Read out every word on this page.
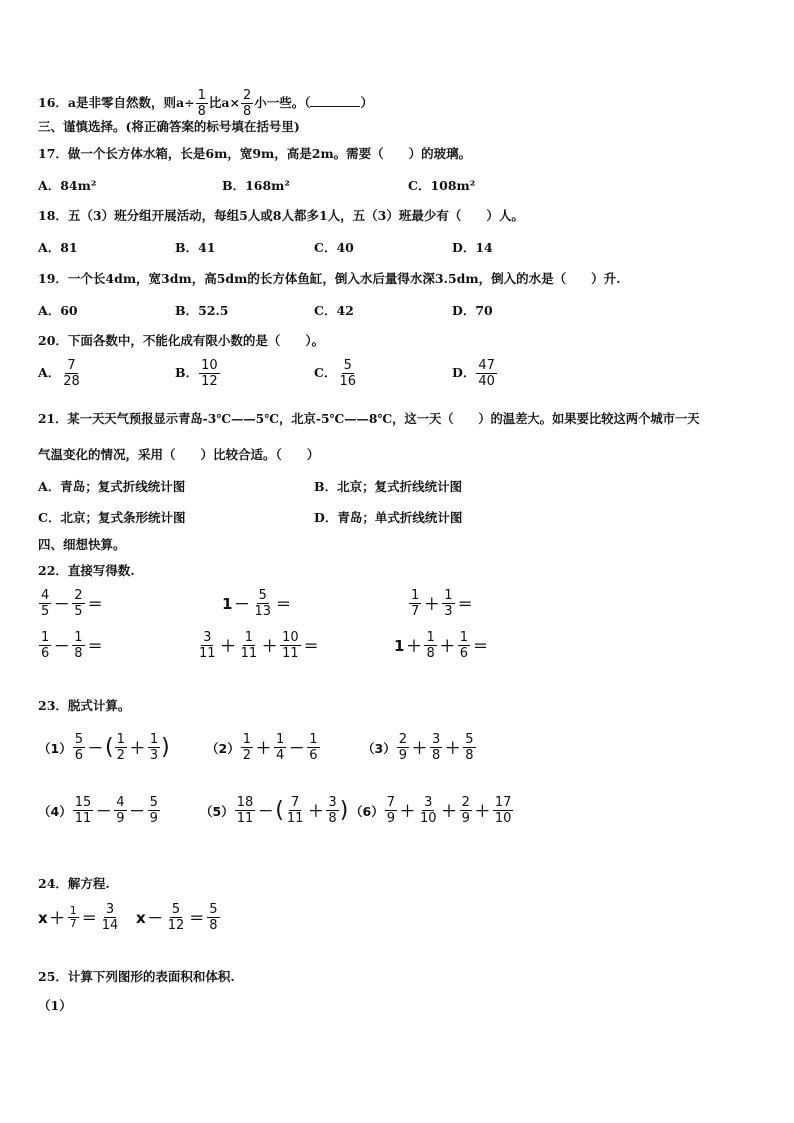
16．a是非零自然数，则$a\div \frac{1}{8}$ 比$a\times \frac{2}{8}$ 小一些。（	）
三、谨慎选择。(将正确答案的标号填在括号里)
17．做一个长方体水箱，长是6m，宽9m，高是2m。需要（　　）的玻璃。
A．84m²	B．168m²	C．108m²
18．五（3）班分组开展活动，每组5人或8人都多1人，五（3）班最少有（　　）人。
A．81	B．41	C．40	D．14
19．一个长4dm，宽3dm，高5dm的长方体鱼缸，倒入水后量得水深3.5dm，倒入的水是（　　）升.
A．60	B．52.5	C．42	D．70
20．下面各数中，不能化成有限小数的是（　　）。
A． $\frac{7}{28}$	B． $\frac{10}{12}$	C． $\frac{5}{16}$	D． $\frac{47}{40}$
21．某一天天气预报显示青岛-3℃——5℃，北京-5℃——8℃，这一天（　　）的温差大。如果要比较这两个城市一天
气温变化的情况，采用（　　）比较合适。（　　）
A．青岛；复式折线统计图	B．北京；复式折线统计图
C．北京；复式条形统计图	D．青岛；单式折线统计图
四、细想快算。
22．直接写得数.
$\frac{4}{5} - \frac{2}{5}$ ＝	$1 - \frac{5}{13}$ ＝	$\frac{1}{7} + \frac{1}{3}$ ＝
$\frac{1}{6} - \frac{1}{8}$ ＝	$\frac{3}{11} + \frac{1}{11} + \frac{10}{11}$ ＝	$1 + \frac{1}{8} + \frac{1}{6}$ ＝
23．脱式计算。
$(1) \frac{5}{6}$ － ( $\frac{1}{2} + \frac{1}{3}$ )	$(2) \frac{1}{2} + \frac{1}{4} - \frac{1}{6}$	$(3) \frac{2}{9} + \frac{3}{8} + \frac{5}{8}$
$(4) \frac{15}{11} - \frac{4}{9} - \frac{5}{9}$	$(5) \frac{18}{11}$ － ( $\frac{7}{11} + \frac{3}{8}$ ) $(6) \frac{7}{9} + \frac{3}{10} + \frac{2}{9} + \frac{17}{10}$
24．解方程.
$x + \frac{1}{7} = \frac{3}{14}$ $x - \frac{5}{12} = \frac{5}{8}$
25．计算下列图形的表面积和体积.
（1）
